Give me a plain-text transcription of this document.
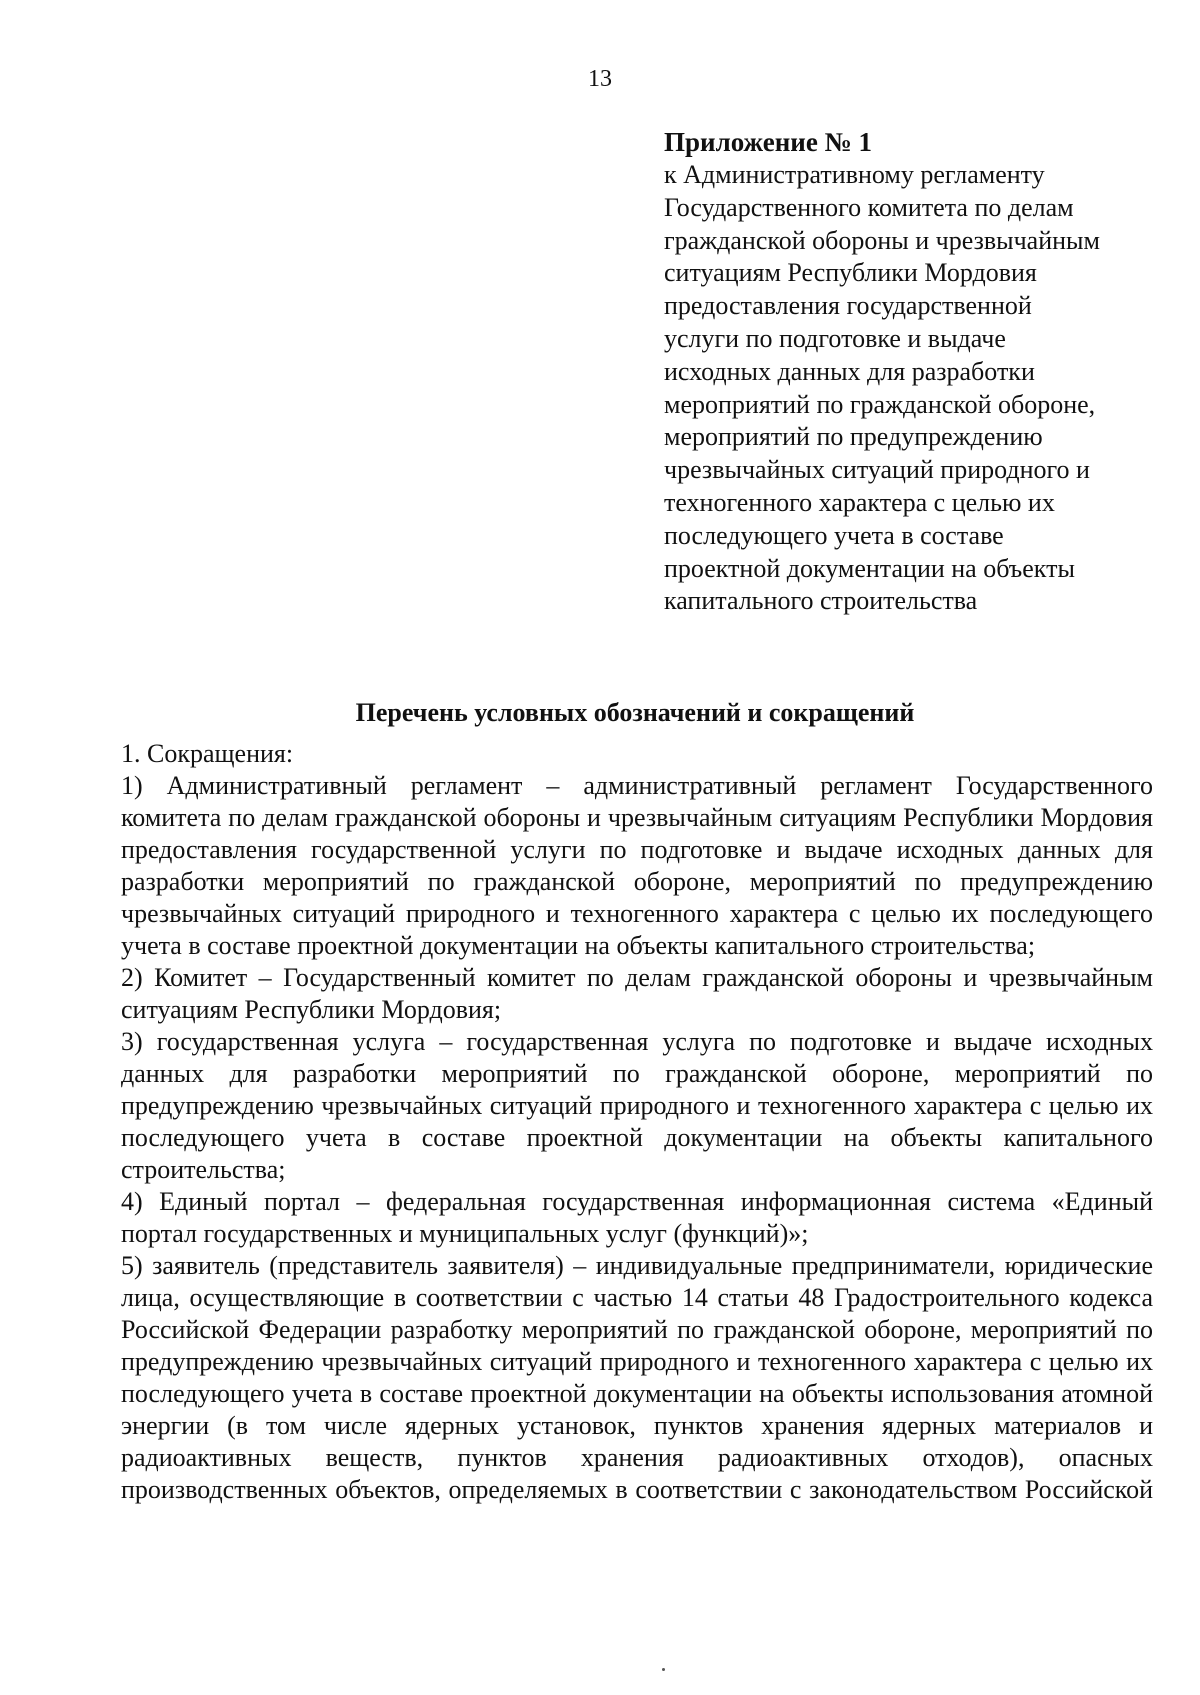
13
Приложение № 1
к Административному регламенту
Государственного комитета по делам
гражданской обороны и чрезвычайным
ситуациям Республики Мордовия
предоставления государственной
услуги по подготовке и выдаче
исходных данных для разработки
мероприятий по гражданской обороне,
мероприятий по предупреждению
чрезвычайных ситуаций природного и
техногенного характера с целью их
последующего учета в составе
проектной документации на объекты
капитального строительства
Перечень условных обозначений и сокращений

1. Сокращения:

1) Административный регламент – административный регламент Государственного комитета по делам гражданской обороны и чрезвычайным ситуациям Республики Мордовия предоставления государственной услуги по подготовке и выдаче исходных данных для разработки мероприятий по гражданской обороне, мероприятий по предупреждению чрезвычайных ситуаций природного и техногенного характера с целью их последующего учета в составе проектной документации на объекты капитального строительства;

2) Комитет – Государственный комитет по делам гражданской обороны и чрезвычайным ситуациям Республики Мордовия;

3) государственная услуга – государственная услуга по подготовке и выдаче исходных данных для разработки мероприятий по гражданской обороне, мероприятий по предупреждению чрезвычайных ситуаций природного и техногенного характера с целью их последующего учета в составе проектной документации на объекты капитального строительства;

4) Единый портал – федеральная государственная информационная система «Единый портал государственных и муниципальных услуг (функций)»;

5) заявитель (представитель заявителя) – индивидуальные предприниматели, юридические лица, осуществляющие в соответствии с частью 14 статьи 48 Градостроительного кодекса Российской Федерации разработку мероприятий по гражданской обороне, мероприятий по предупреждению чрезвычайных ситуаций природного и техногенного характера с целью их последующего учета в составе проектной документации на объекты использования атомной энергии (в том числе ядерных установок, пунктов хранения ядерных материалов и радиоактивных веществ, пунктов хранения радиоактивных отходов), опасных производственных объектов, определяемых в соответствии с законодательством Российской
